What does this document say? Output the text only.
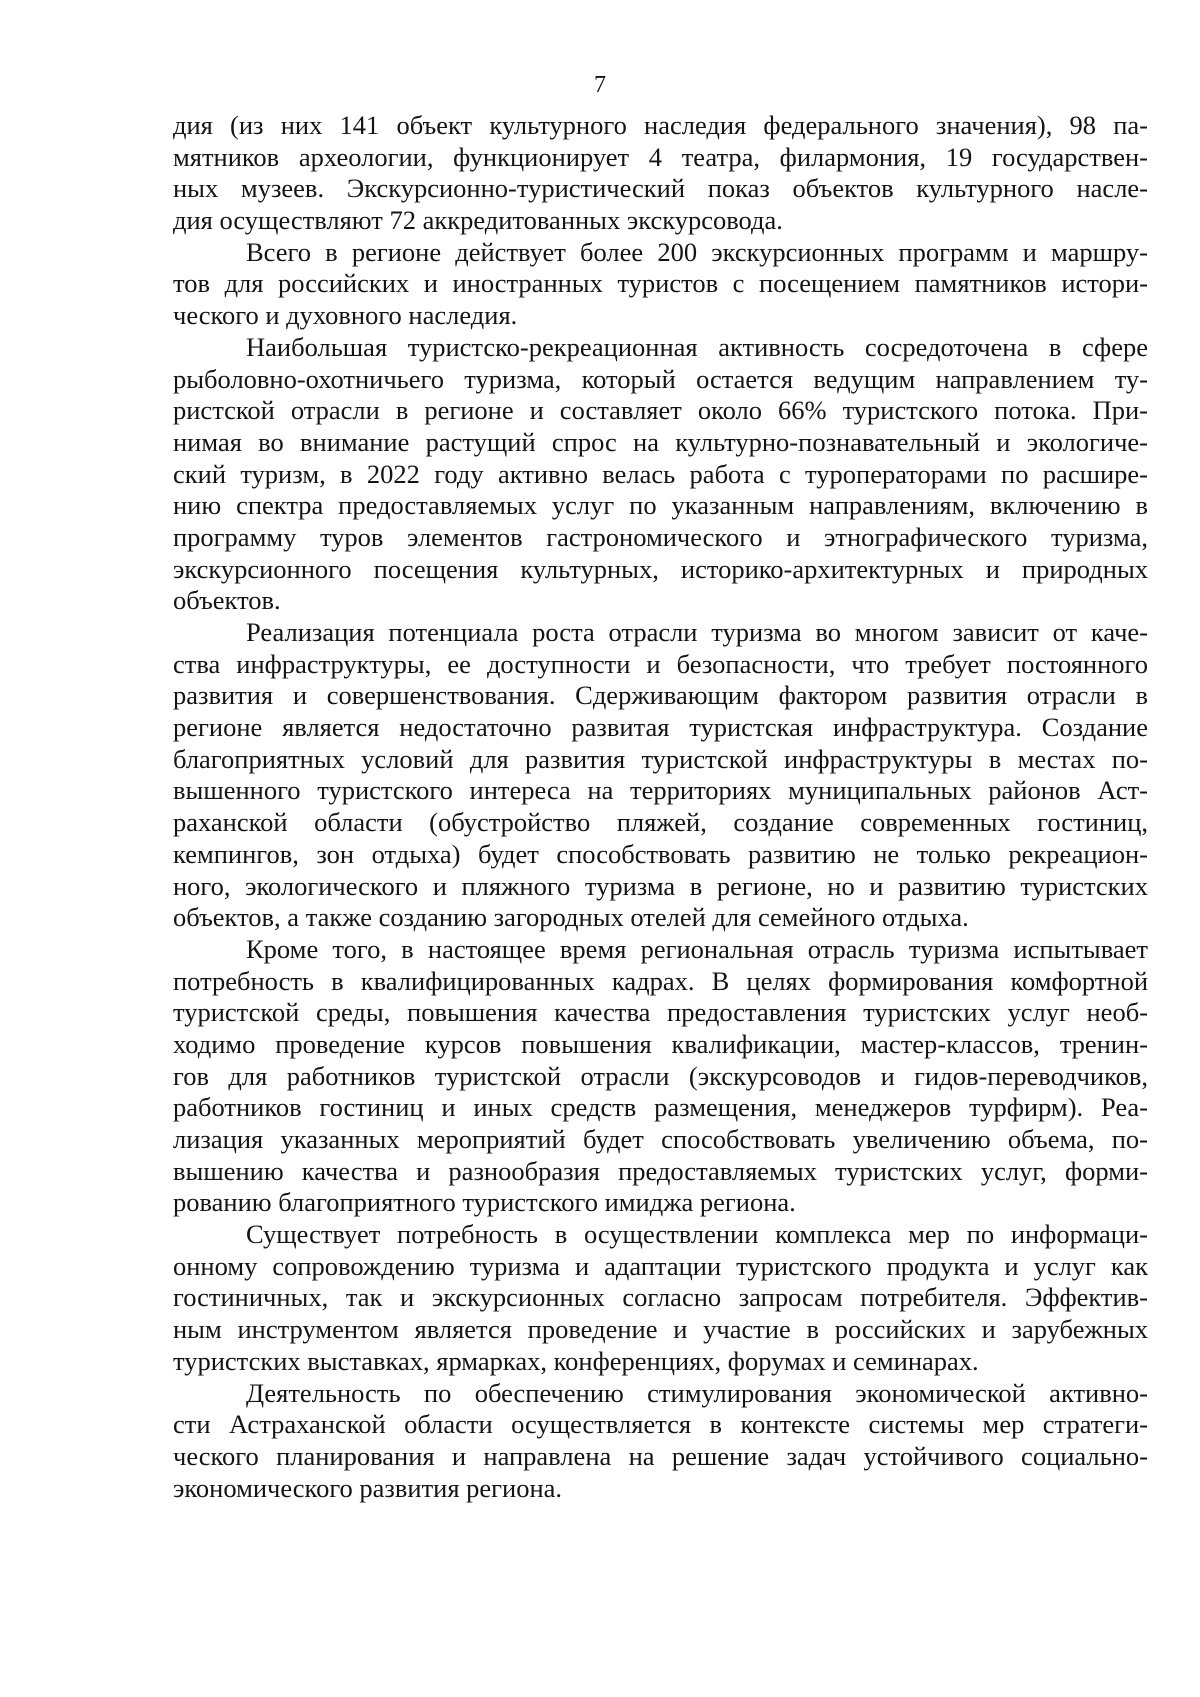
7
дия (из них 141 объект культурного наследия федерального значения), 98 па-
мятников археологии, функционирует 4 театра, филармония, 19 государствен-
ных музеев. Экскурсионно-туристический показ объектов культурного насле-
дия осуществляют 72 аккредитованных экскурсовода.
Всего в регионе действует более 200 экскурсионных программ и маршру-
тов для российских и иностранных туристов с посещением памятников истори-
ческого и духовного наследия.
Наибольшая туристско-рекреационная активность сосредоточена в сфере
рыболовно-охотничьего туризма, который остается ведущим направлением ту-
ристской отрасли в регионе и составляет около 66% туристского потока. При-
нимая во внимание растущий спрос на культурно-познавательный и экологиче-
ский туризм, в 2022 году активно велась работа с туроператорами по расшире-
нию спектра предоставляемых услуг по указанным направлениям, включению в
программу туров элементов гастрономического и этнографического туризма,
экскурсионного посещения культурных, историко-архитектурных и природных
объектов.
Реализация потенциала роста отрасли туризма во многом зависит от каче-
ства инфраструктуры, ее доступности и безопасности, что требует постоянного
развития и совершенствования. Сдерживающим фактором развития отрасли в
регионе является недостаточно развитая туристская инфраструктура. Создание
благоприятных условий для развития туристской инфраструктуры в местах по-
вышенного туристского интереса на территориях муниципальных районов Аст-
раханской области (обустройство пляжей, создание современных гостиниц,
кемпингов, зон отдыха) будет способствовать развитию не только рекреацион-
ного, экологического и пляжного туризма в регионе, но и развитию туристских
объектов, а также созданию загородных отелей для семейного отдыха.
Кроме того, в настоящее время региональная отрасль туризма испытывает
потребность в квалифицированных кадрах. В целях формирования комфортной
туристской среды, повышения качества предоставления туристских услуг необ-
ходимо проведение курсов повышения квалификации, мастер-классов, тренин-
гов для работников туристской отрасли (экскурсоводов и гидов-переводчиков,
работников гостиниц и иных средств размещения, менеджеров турфирм). Реа-
лизация указанных мероприятий будет способствовать увеличению объема, по-
вышению качества и разнообразия предоставляемых туристских услуг, форми-
рованию благоприятного туристского имиджа региона.
Существует потребность в осуществлении комплекса мер по информаци-
онному сопровождению туризма и адаптации туристского продукта и услуг как
гостиничных, так и экскурсионных согласно запросам потребителя. Эффектив-
ным инструментом является проведение и участие в российских и зарубежных
туристских выставках, ярмарках, конференциях, форумах и семинарах.
Деятельность по обеспечению стимулирования экономической активно-
сти Астраханской области осуществляется в контексте системы мер стратеги-
ческого планирования и направлена на решение задач устойчивого социально-
экономического развития региона.
